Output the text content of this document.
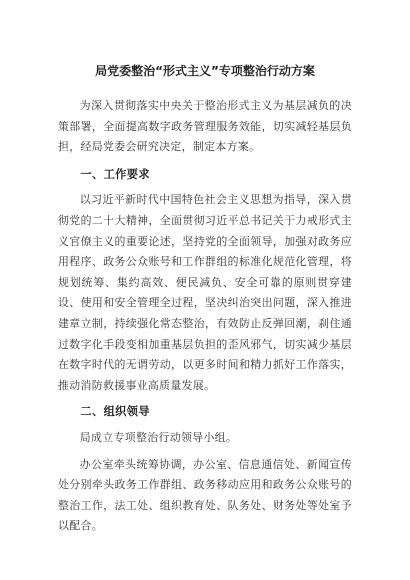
局党委整治“形式主义”专项整治行动方案

为深入贯彻落实中央关于整治形式主义为基层减负的决策部署，全面提高数字政务管理服务效能，切实减轻基层负担，经局党委会研究决定，制定本方案。

一、工作要求

以习近平新时代中国特色社会主义思想为指导，深入贯彻党的二十大精神，全面贯彻习近平总书记关于力戒形式主义官僚主义的重要论述，坚持党的全面领导，加强对政务应用程序、政务公众账号和工作群组的标准化规范化管理，将规划统筹、集约高效、便民减负、安全可靠的原则贯穿建设、使用和安全管理全过程，坚决纠治突出问题，深入推进建章立制，持续强化常态整治，有效防止反弹回潮，刹住通过数字化手段变相加重基层负担的歪风邪气，切实减少基层在数字时代的无谓劳动，以更多时间和精力抓好工作落实，推动消防救援事业高质量发展。

二、组织领导

局成立专项整治行动领导小组。

办公室牵头统筹协调，办公室、信息通信处、新闻宣传处分别牵头政务工作群组、政务移动应用和政务公众账号的整治工作，法工处、组织教育处、队务处、财务处等处室予以配合。
